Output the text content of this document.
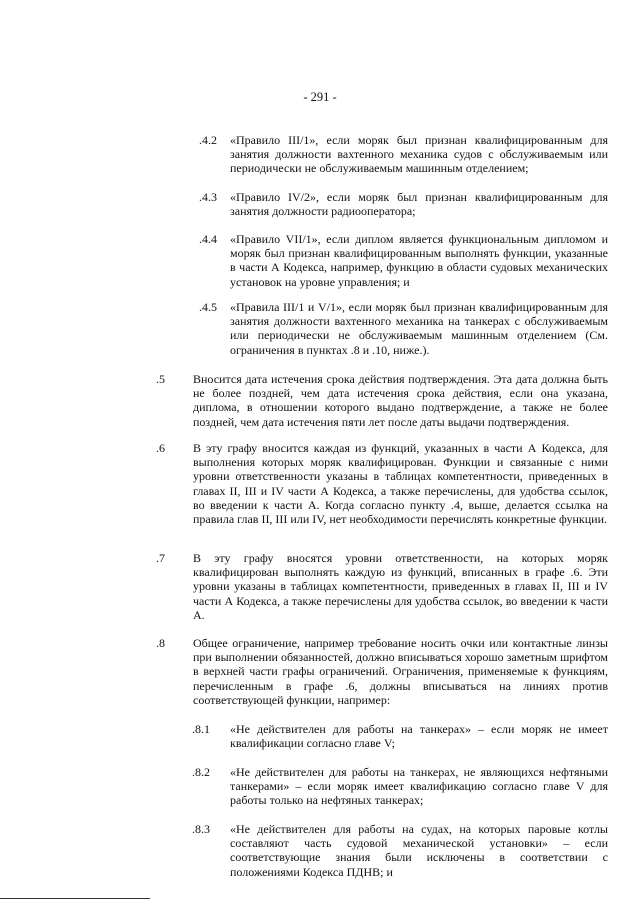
- 291 -
.4.2 «Правило III/1», если моряк был признан квалифицированным для занятия должности вахтенного механика судов с обслуживаемым или периодически не обслуживаемым машинным отделением;
.4.3 «Правило IV/2», если моряк был признан квалифицированным для занятия должности радиооператора;
.4.4 «Правило VII/1», если диплом является функциональным дипломом и моряк был признан квалифицированным выполнять функции, указанные в части А Кодекса, например, функцию в области судовых механических установок на уровне управления; и
.4.5 «Правила III/1 и V/1», если моряк был признан квалифицированным для занятия должности вахтенного механика на танкерах с обслуживаемым или периодически не обслуживаемым машинным отделением (См. ограничения в пунктах .8 и .10, ниже.).
.5 Вносится дата истечения срока действия подтверждения. Эта дата должна быть не более поздней, чем дата истечения срока действия, если она указана, диплома, в отношении которого выдано подтверждение, а также не более поздней, чем дата истечения пяти лет после даты выдачи подтверждения.
.6 В эту графу вносится каждая из функций, указанных в части А Кодекса, для выполнения которых моряк квалифицирован. Функции и связанные с ними уровни ответственности указаны в таблицах компетентности, приведенных в главах II, III и IV части А Кодекса, а также перечислены, для удобства ссылок, во введении к части А. Когда согласно пункту .4, выше, делается ссылка на правила глав II, III или IV, нет необходимости перечислять конкретные функции.
.7 В эту графу вносятся уровни ответственности, на которых моряк квалифицирован выполнять каждую из функций, вписанных в графе .6. Эти уровни указаны в таблицах компетентности, приведенных в главах II, III и IV части А Кодекса, а также перечислены для удобства ссылок, во введении к части А.
.8 Общее ограничение, например требование носить очки или контактные линзы при выполнении обязанностей, должно вписываться хорошо заметным шрифтом в верхней части графы ограничений. Ограничения, применяемые к функциям, перечисленным в графе .6, должны вписываться на линиях против соответствующей функции, например:
.8.1 «Не действителен для работы на танкерах» – если моряк не имеет квалификации согласно главе V;
.8.2 «Не действителен для работы на танкерах, не являющихся нефтяными танкерами» – если моряк имеет квалификацию согласно главе V для работы только на нефтяных танкерах;
.8.3 «Не действителен для работы на судах, на которых паровые котлы составляют часть судовой механической установки» – если соответствующие знания были исключены в соответствии с положениями Кодекса ПДНВ; и
